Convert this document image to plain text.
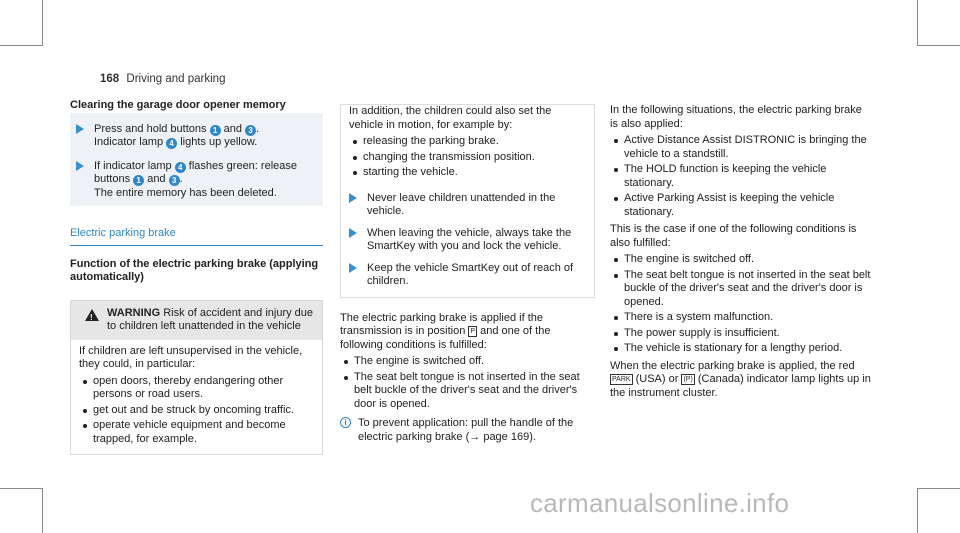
168 Driving and parking
Clearing the garage door opener memory
Press and hold buttons 1 and 3 .
Indicator lamp 4 lights up yellow.
If indicator lamp 4 flashes green: release
buttons 1 and 3 .
The entire memory has been deleted.
Electric parking brake
Function of the electric parking brake (applying automatically)
!
WARNING Risk of accident and injury due to children left unattended in the vehicle
If children are left unsupervised in the vehicle, they could, in particular:
open doors, thereby endangering other persons or road users.
get out and be struck by oncoming traffic.
operate vehicle equipment and become trapped, for example.
In addition, the children could also set the vehicle in motion, for example by:
releasing the parking brake.
changing the transmission position.
starting the vehicle.
Never leave children unattended in the vehicle.
When leaving the vehicle, always take the SmartKey with you and lock the vehicle.
Keep the vehicle SmartKey out of reach of children.
The electric parking brake is applied if the transmission is in position P and one of the following conditions is fulfilled:
The engine is switched off.
The seat belt tongue is not inserted in the seat belt buckle of the driver's seat and the driver's door is opened.
i	To prevent application: pull the handle of the electric parking brake (→ page 169).
In the following situations, the electric parking brake is also applied:
Active Distance Assist DISTRONIC is bringing the vehicle to a standstill.
The HOLD function is keeping the vehicle stationary.
Active Parking Assist is keeping the vehicle stationary.
This is the case if one of the following conditions is also fulfilled:
The engine is switched off.
The seat belt tongue is not inserted in the seat belt buckle of the driver's seat and the driver's door is opened.
There is a system malfunction.
The power supply is insufficient.
The vehicle is stationary for a lengthy period.
When the electric parking brake is applied, the red PARK (USA) or (P) (Canada) indicator lamp lights up in the instrument cluster.
carmanualsonline.info
